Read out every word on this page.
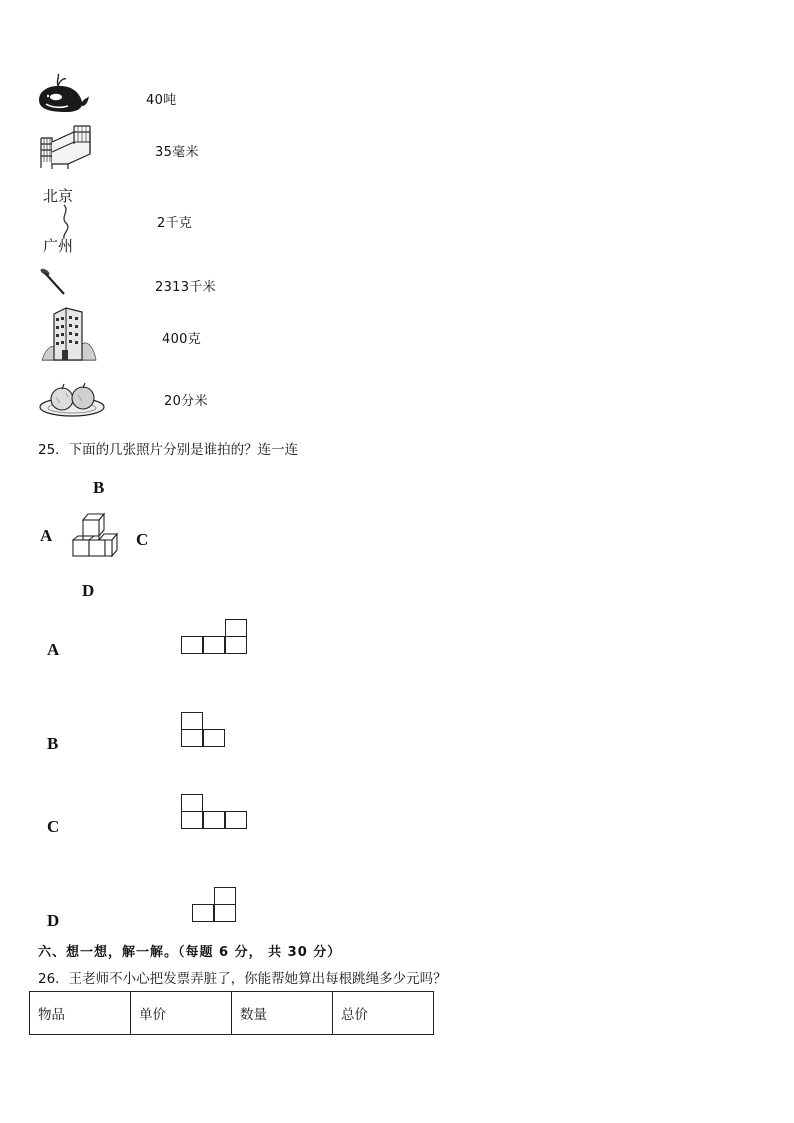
40吨
35毫米
北京
广州
2千克
2313千米
400克
20分米
25．下面的几张照片分别是谁拍的？连一连
B
A	C
D
A
B
C
D
六、想一想，解一解。（每题 6 分， 共 30 分）
26．王老师不小心把发票弄脏了，你能帮她算出每根跳绳多少元吗？
物品	单价	数量	总价
